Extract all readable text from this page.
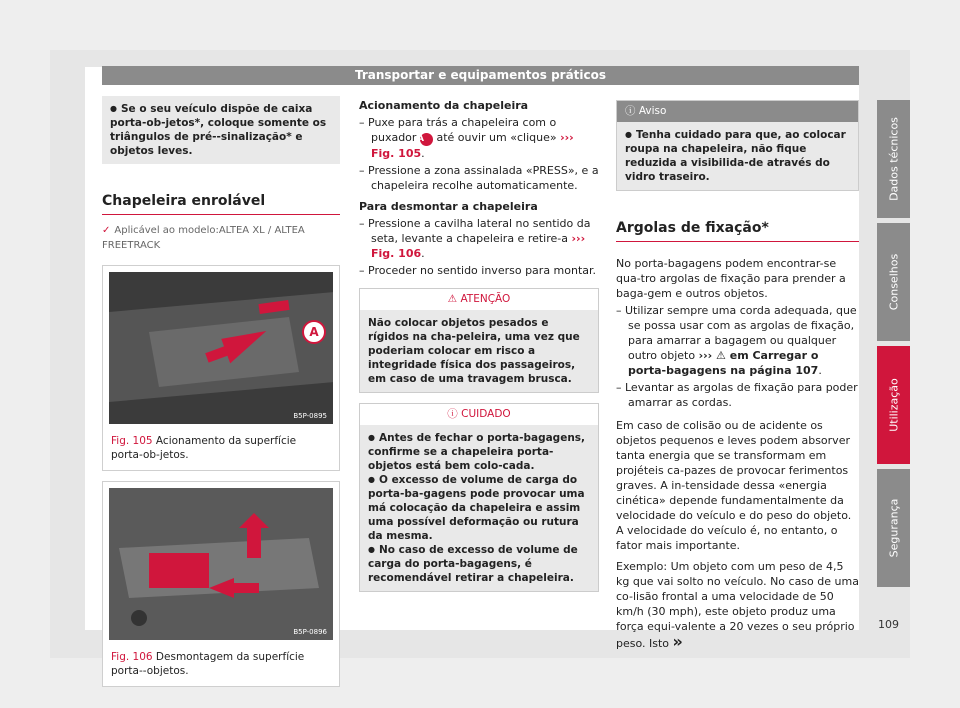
Transportar e equipamentos práticos
● Se o seu veículo dispõe de caixa porta-ob-jetos*, coloque somente os triângulos de pré--sinalização* e objetos leves.
Chapeleira enrolável
✓ Aplicável ao modelo:ALTEA XL / ALTEA FREETRACK
A
B5P-0895
Fig. 105 Acionamento da superfície porta-ob-jetos.
B5P-0896
Fig. 106 Desmontagem da superfície porta--objetos.
Acionamento da chapeleira
– Puxe para trás a chapeleira com o puxador A até ouvir um «clique» ››› Fig. 105.
– Pressione a zona assinalada «PRESS», e a chapeleira recolhe automaticamente.
Para desmontar a chapeleira
– Pressione a cavilha lateral no sentido da seta, levante a chapeleira e retire-a ››› Fig. 106.
– Proceder no sentido inverso para montar.
⚠ ATENÇÃO
Não colocar objetos pesados e rígidos na cha-peleira, uma vez que poderiam colocar em risco a integridade física dos passageiros, em caso de uma travagem brusca.
ⓘ CUIDADO
● Antes de fechar o porta-bagagens, confirme se a chapeleira porta-objetos está bem colo-cada.
● O excesso de volume de carga do porta-ba-gagens pode provocar uma má colocação da chapeleira e assim uma possível deformação ou rutura da mesma.
● No caso de excesso de volume de carga do porta-bagagens, é recomendável retirar a chapeleira.
ⓘ Aviso
● Tenha cuidado para que, ao colocar roupa na chapeleira, não fique reduzida a visibilida-de através do vidro traseiro.
Argolas de fixação*
No porta-bagagens podem encontrar-se qua-tro argolas de fixação para prender a baga-gem e outros objetos.
– Utilizar sempre uma corda adequada, que se possa usar com as argolas de fixação, para amarrar a bagagem ou qualquer outro objeto ››› ⚠ em Carregar o porta-bagagens na página 107.
– Levantar as argolas de fixação para poder amarrar as cordas.
Em caso de colisão ou de acidente os objetos pequenos e leves podem absorver tanta energia que se transformam em projéteis ca-pazes de provocar ferimentos graves. A in-tensidade dessa «energia cinética» depende fundamentalmente da velocidade do veículo e do peso do objeto. A velocidade do veículo é, no entanto, o fator mais importante.
Exemplo: Um objeto com um peso de 4,5 kg que vai solto no veículo. No caso de uma co-lisão frontal a uma velocidade de 50 km/h (30 mph), este objeto produz uma força equi-valente a 20 vezes o seu próprio peso. Isto »
Dados técnicos
Conselhos
Utilização
Segurança
109
